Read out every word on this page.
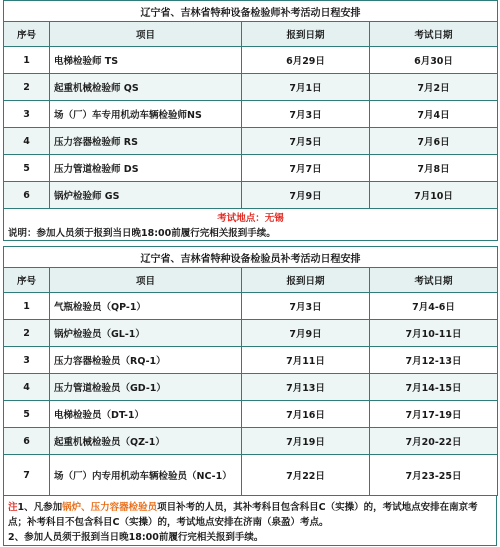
辽宁省、吉林省特种设备检验师补考活动日程安排			
序号	项目	报到日期	考试日期
1	电梯检验师 TS	6月29日	6月30日
2	起重机械检验师 QS	7月1日	7月2日
3	场（厂）车专用机动车辆检验师NS	7月3日	7月4日
4	压力容器检验师 RS	7月5日	7月6日
5	压力管道检验师 DS	7月7日	7月8日
6	锅炉检验师 GS	7月9日	7月10日
考试地点：无锡			
说明：参加人员须于报到当日晚18:00前履行完相关报到手续。			
辽宁省、吉林省特种设备检验员补考活动日程安排			
序号	项目	报到日期	考试日期
1	气瓶检验员（QP-1）	7月3日	7月4-6日
2	锅炉检验员（GL-1）	7月9日	7月10-11日
3	压力容器检验员（RQ-1）	7月11日	7月12-13日
4	压力管道检验员（GD-1）	7月13日	7月14-15日
5	电梯检验员（DT-1）	7月16日	7月17-19日
6	起重机械检验员（QZ-1）	7月19日	7月20-22日
7	场（厂）内专用机动车辆检验员（NC-1）	7月22日	7月23-25日
注1、凡参加锅炉、压力容器检验员项目补考的人员，其补考科目包含科目C（实操）的，考试地点安排在南京考点；补考科目不包含科目C（实操）的，考试地点安排在济南（泉盈）考点。
2、参加人员须于报到当日晚18:00前履行完相关报到手续。
